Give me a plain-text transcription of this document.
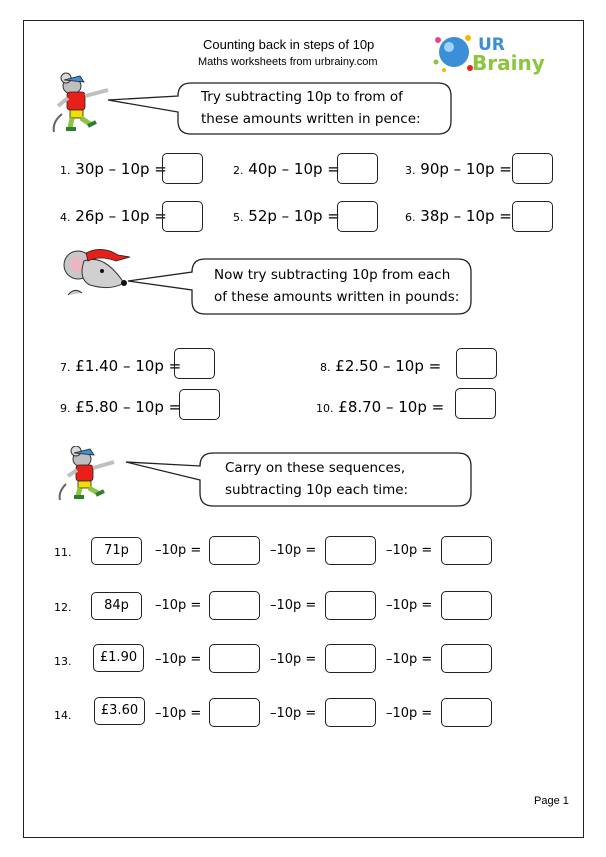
Counting back in steps of 10p
Maths worksheets from urbrainy.com
UR
Brainy
Try subtracting 10p to from of these amounts written in pence:
1. 30p – 10p =	2. 40p – 10p =	3. 90p – 10p =
4. 26p – 10p =	5. 52p – 10p =	6. 38p – 10p =
Now try subtracting 10p from each of these amounts written in pounds:
7. £1.40 – 10p =	8. £2.50 – 10p =
9. £5.80 – 10p =	10. £8.70 – 10p =
Carry on these sequences, subtracting 10p each time:
11.	71p	–10p =	–10p =	–10p =
12.	84p	–10p =	–10p =	–10p =
13.	£1.90	–10p =	–10p =	–10p =
14.	£3.60	–10p =	–10p =	–10p =
Page 1
